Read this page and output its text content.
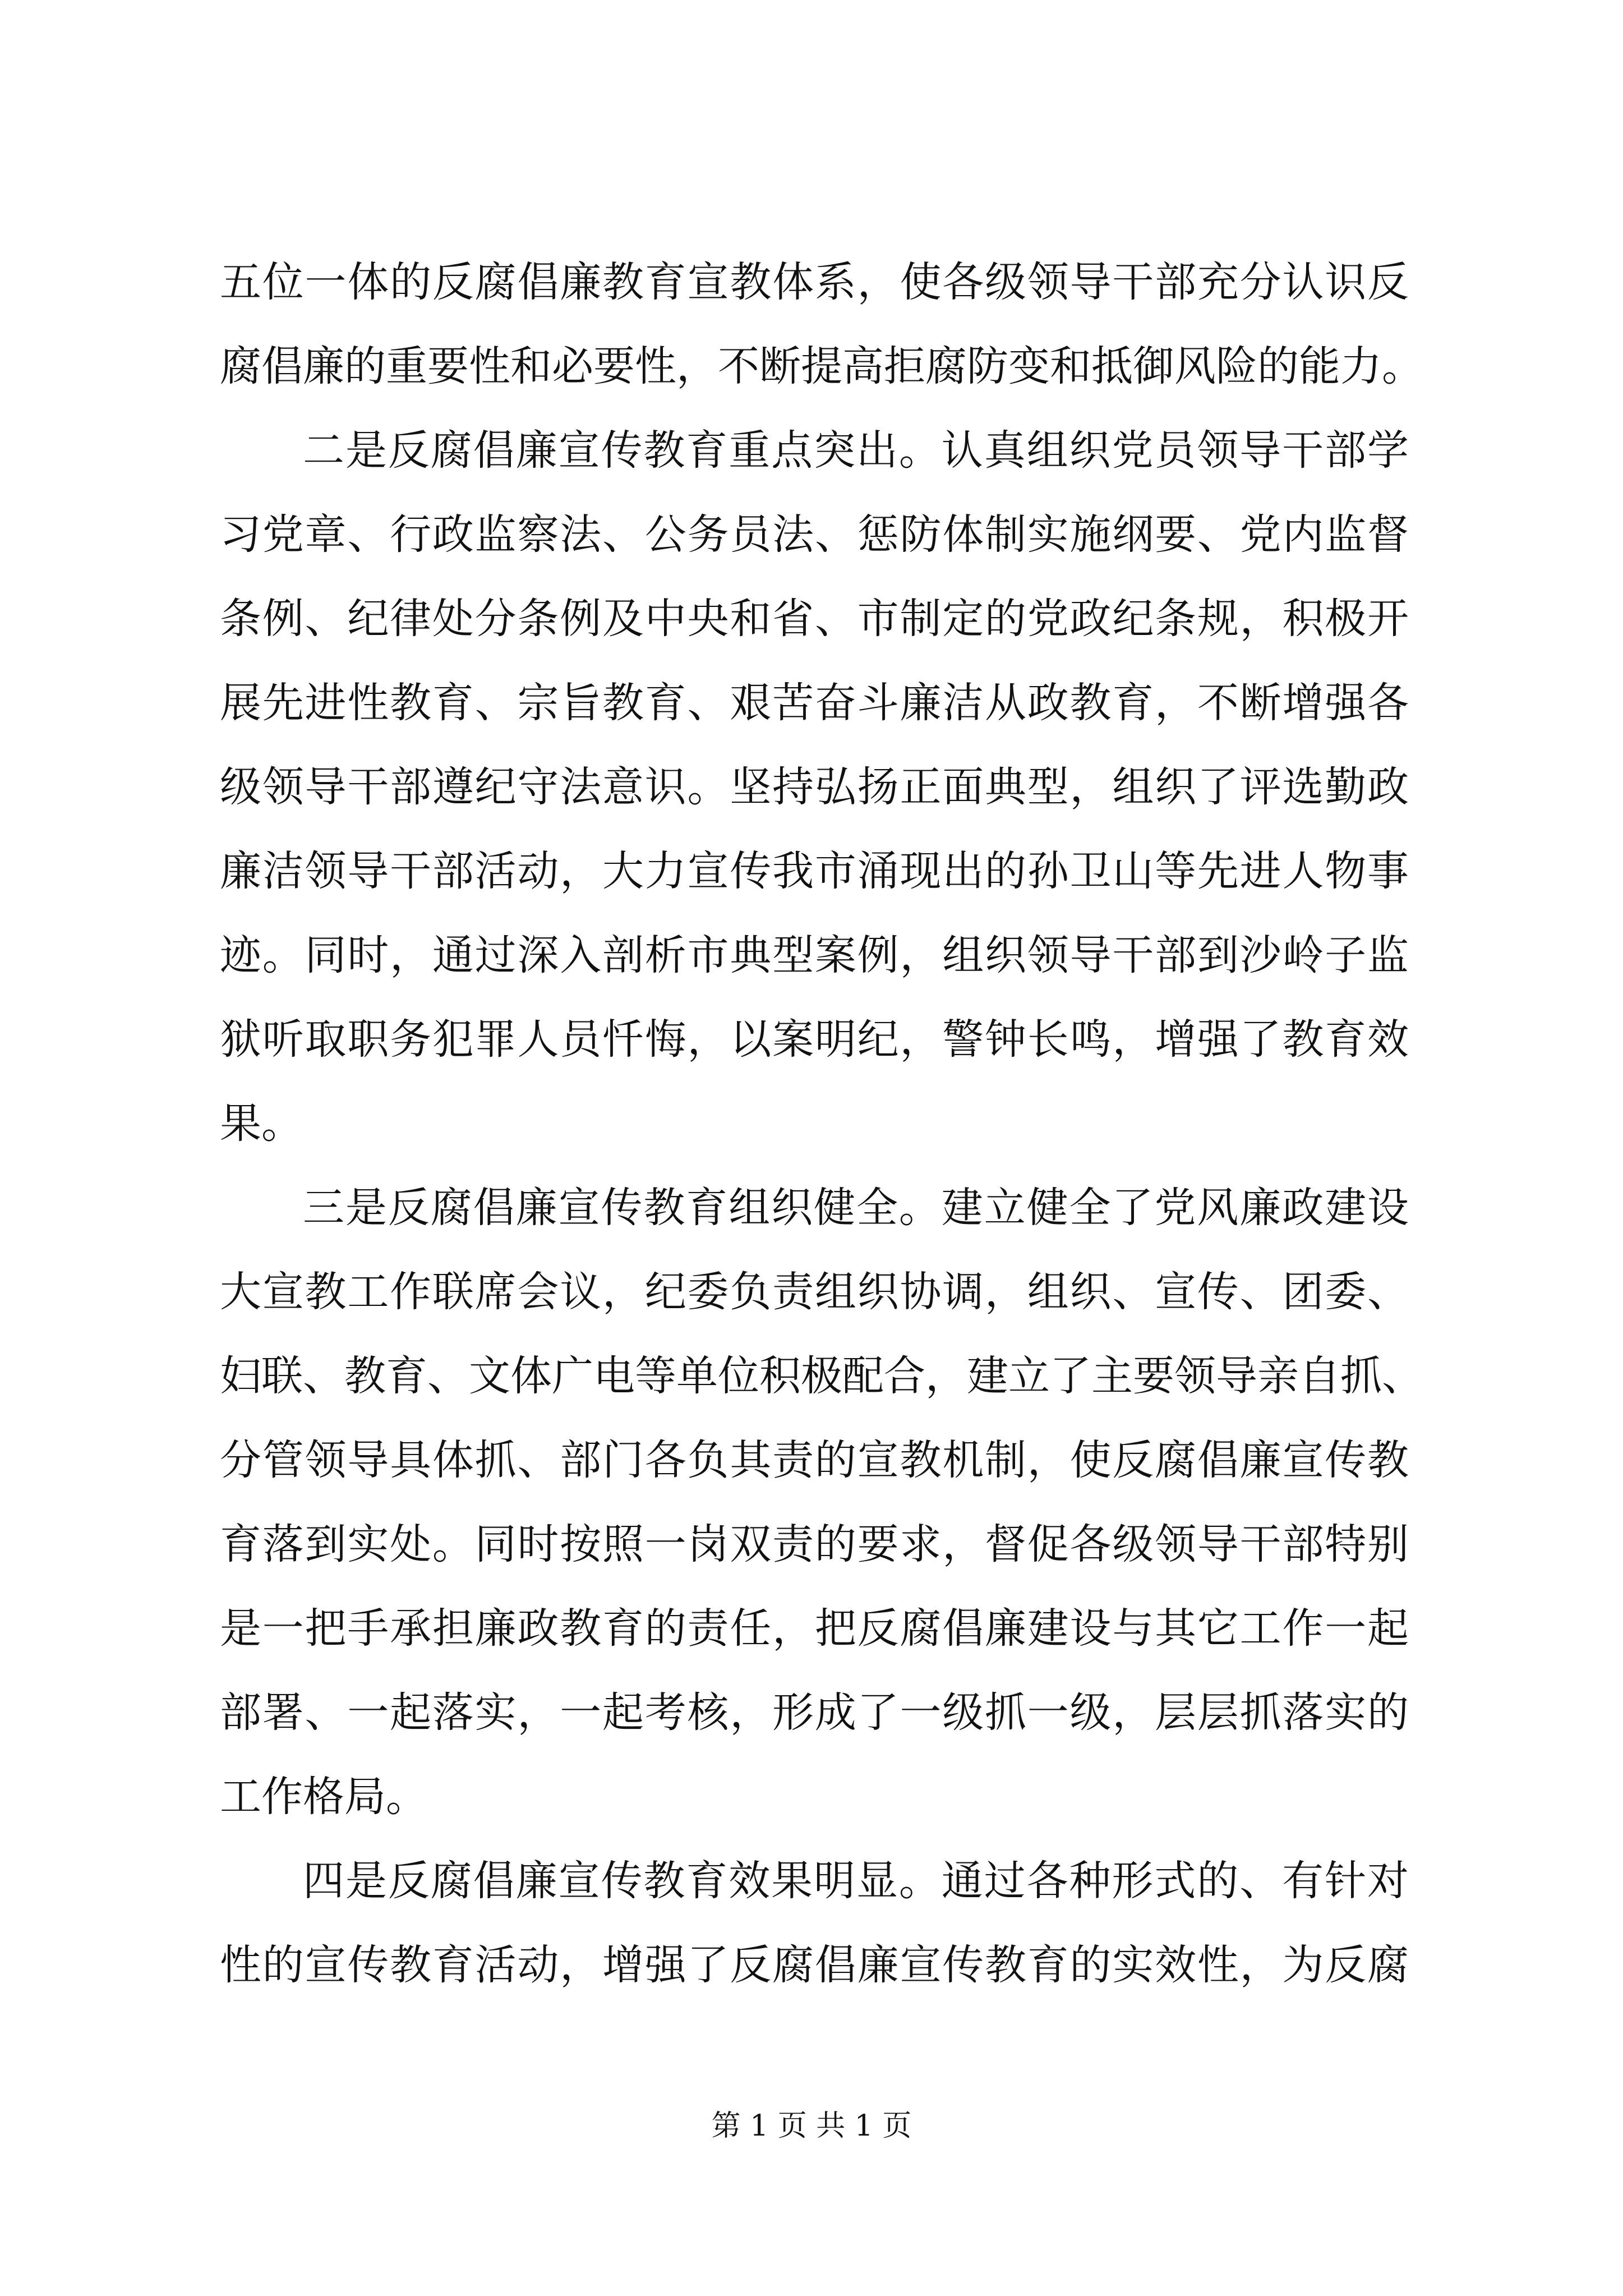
五位一体的反腐倡廉教育宣教体系，使各级领导干部充分认识反
腐倡廉的重要性和必要性，不断提高拒腐防变和抵御风险的能力。
二是反腐倡廉宣传教育重点突出。认真组织党员领导干部学
习党章、行政监察法、公务员法、惩防体制实施纲要、党内监督
条例、纪律处分条例及中央和省、市制定的党政纪条规，积极开
展先进性教育、宗旨教育、艰苦奋斗廉洁从政教育，不断增强各
级领导干部遵纪守法意识。坚持弘扬正面典型，组织了评选勤政
廉洁领导干部活动，大力宣传我市涌现出的孙卫山等先进人物事
迹。同时，通过深入剖析市典型案例，组织领导干部到沙岭子监
狱听取职务犯罪人员忏悔，以案明纪，警钟长鸣，增强了教育效
果。
三是反腐倡廉宣传教育组织健全。建立健全了党风廉政建设
大宣教工作联席会议，纪委负责组织协调，组织、宣传、团委、
妇联、教育、文体广电等单位积极配合，建立了主要领导亲自抓、
分管领导具体抓、部门各负其责的宣教机制，使反腐倡廉宣传教
育落到实处。同时按照一岗双责的要求，督促各级领导干部特别
是一把手承担廉政教育的责任，把反腐倡廉建设与其它工作一起
部署、一起落实，一起考核，形成了一级抓一级，层层抓落实的
工作格局。
四是反腐倡廉宣传教育效果明显。通过各种形式的、有针对
性的宣传教育活动，增强了反腐倡廉宣传教育的实效性，为反腐
第 1 页 共 1 页
